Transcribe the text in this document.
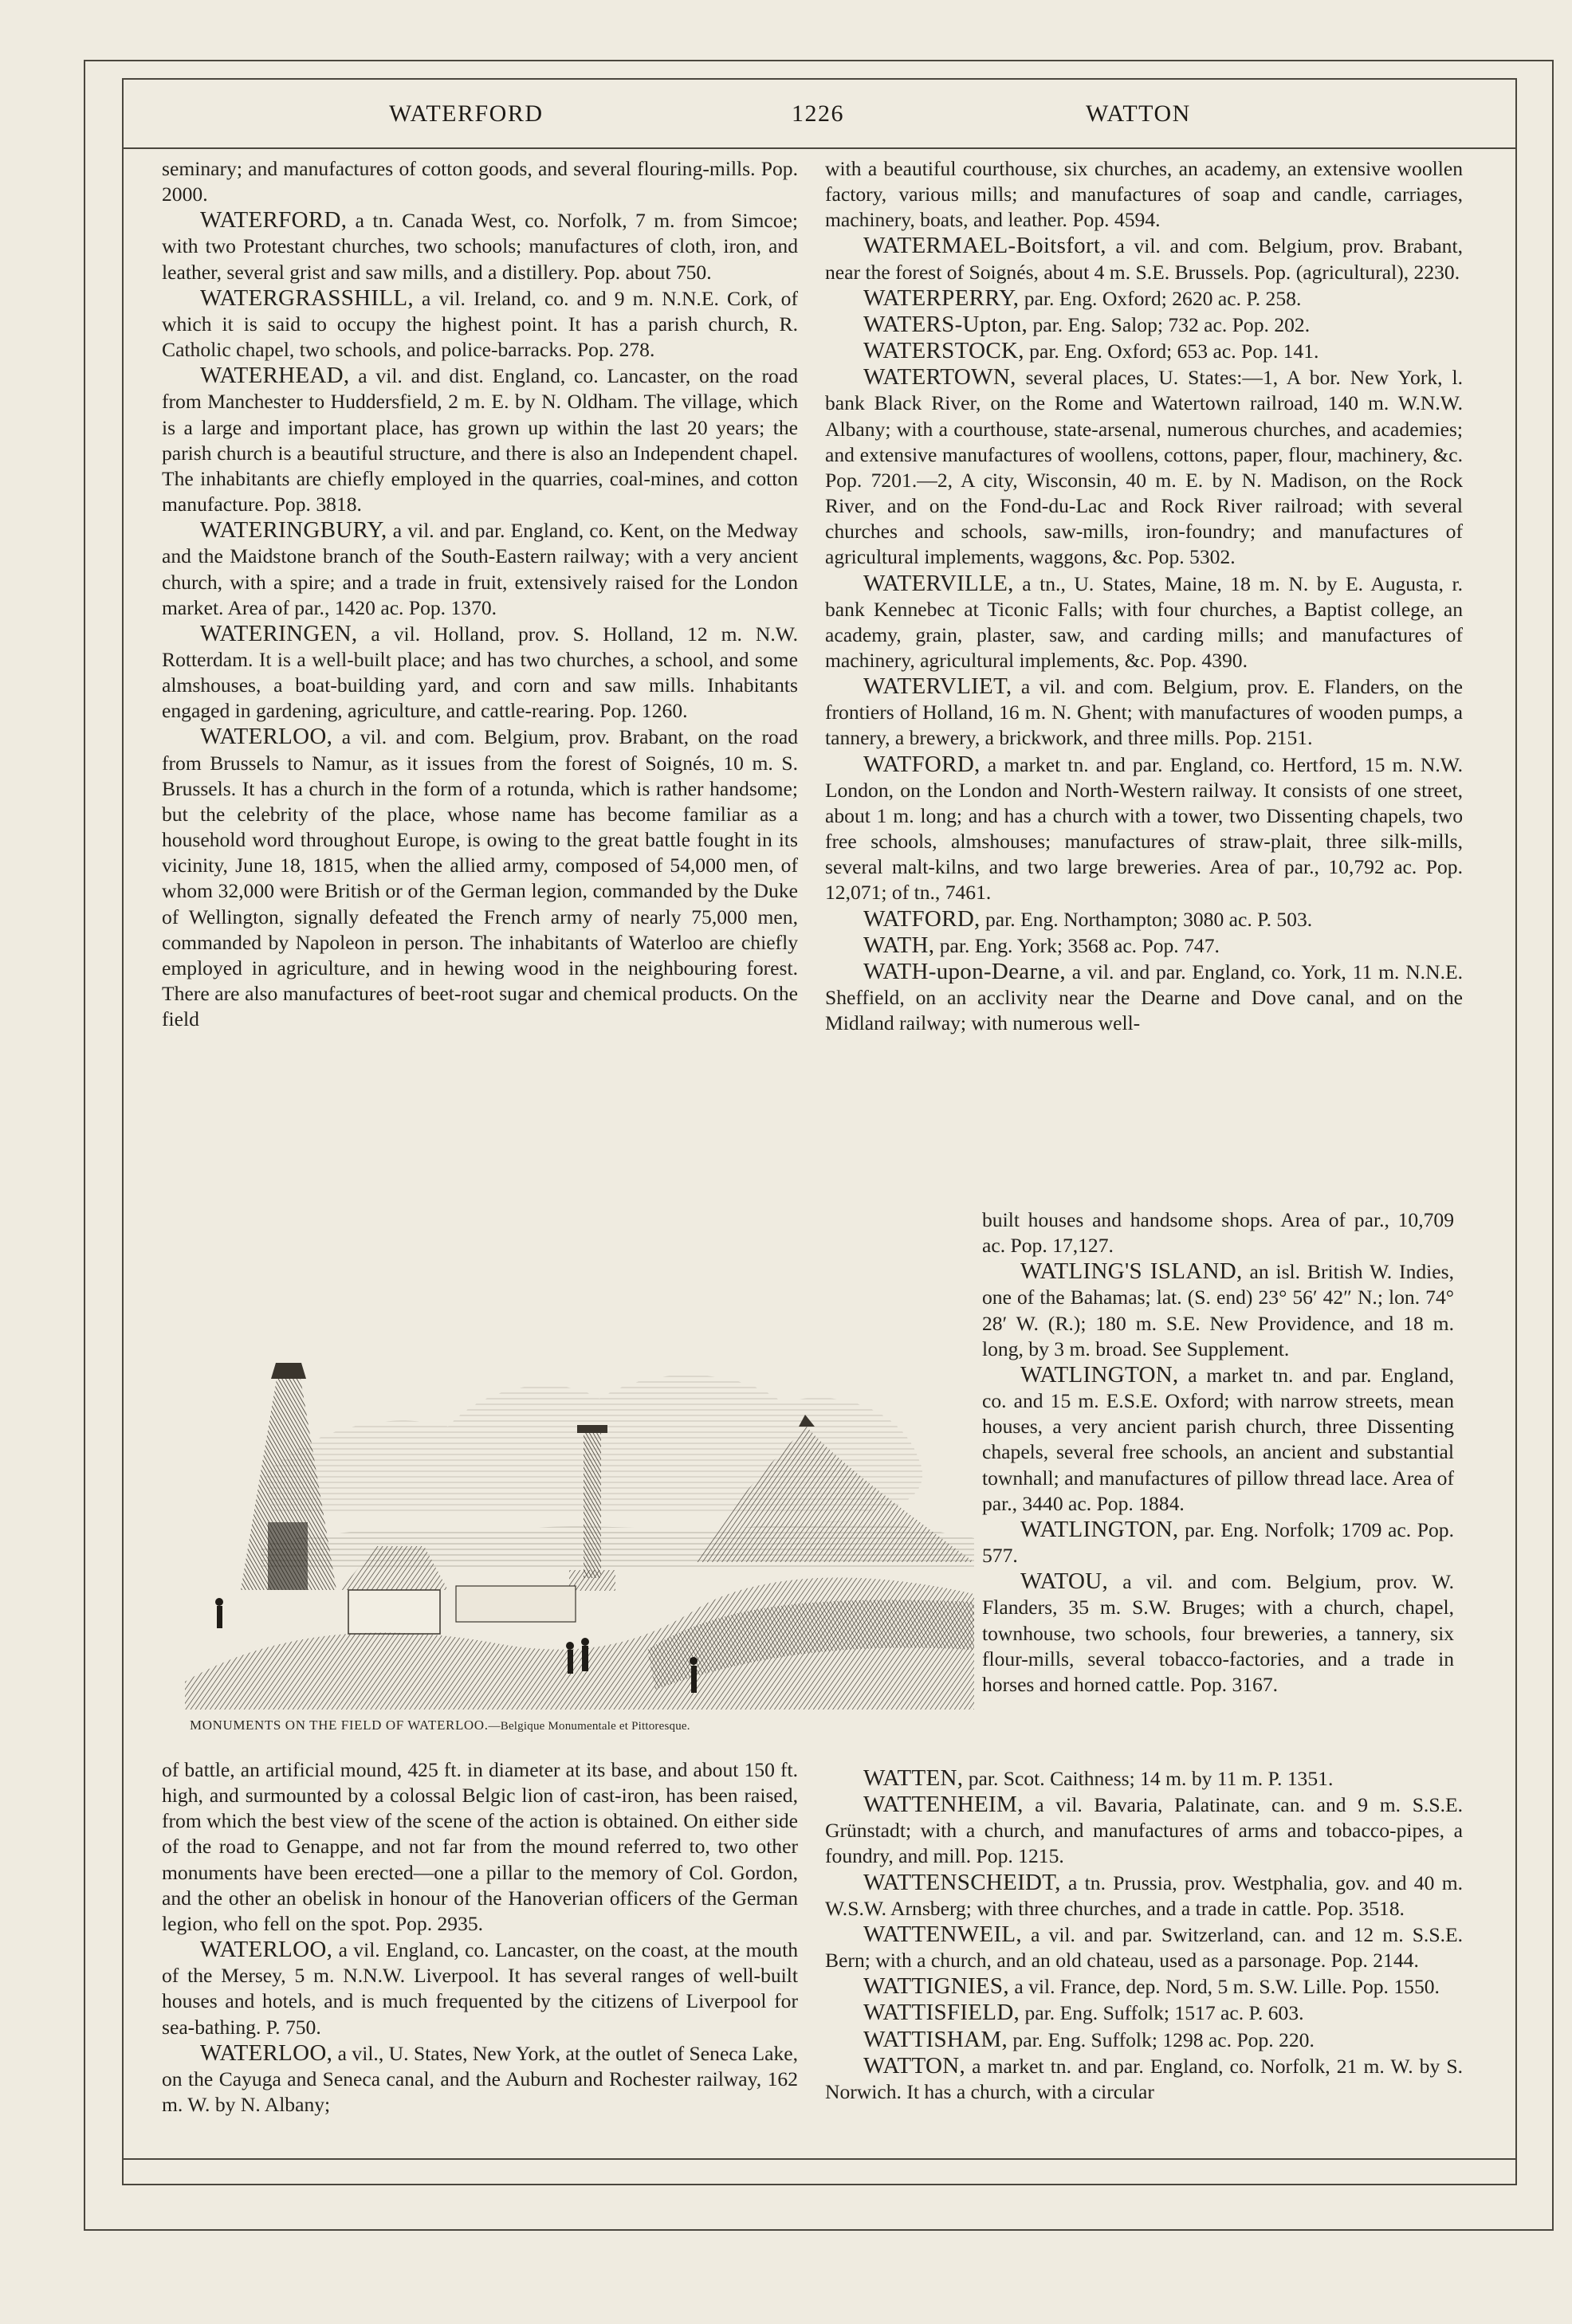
WATERFORD	1226	WATTON

seminary; and manufactures of cotton goods, and several flouring-mills. Pop. 2000.

WATERFORD, a tn. Canada West, co. Norfolk, 7 m. from Simcoe; with two Protestant churches, two schools; manufactures of cloth, iron, and leather, several grist and saw mills, and a distillery. Pop. about 750.

WATERGRASSHILL, a vil. Ireland, co. and 9 m. N.N.E. Cork, of which it is said to occupy the highest point. It has a parish church, R. Catholic chapel, two schools, and police-barracks. Pop. 278.

WATERHEAD, a vil. and dist. England, co. Lancaster, on the road from Manchester to Huddersfield, 2 m. E. by N. Oldham. The village, which is a large and important place, has grown up within the last 20 years; the parish church is a beautiful structure, and there is also an Independent chapel. The inhabitants are chiefly employed in the quarries, coal-mines, and cotton manufacture. Pop. 3818.

WATERINGBURY, a vil. and par. England, co. Kent, on the Medway and the Maidstone branch of the South-Eastern railway; with a very ancient church, with a spire; and a trade in fruit, extensively raised for the London market. Area of par., 1420 ac. Pop. 1370.

WATERINGEN, a vil. Holland, prov. S. Holland, 12 m. N.W. Rotterdam. It is a well-built place; and has two churches, a school, and some almshouses, a boat-building yard, and corn and saw mills. Inhabitants engaged in gardening, agriculture, and cattle-rearing. Pop. 1260.

WATERLOO, a vil. and com. Belgium, prov. Brabant, on the road from Brussels to Namur, as it issues from the forest of Soignés, 10 m. S. Brussels. It has a church in the form of a rotunda, which is rather handsome; but the celebrity of the place, whose name has become familiar as a household word throughout Europe, is owing to the great battle fought in its vicinity, June 18, 1815, when the allied army, composed of 54,000 men, of whom 32,000 were British or of the German legion, commanded by the Duke of Wellington, signally defeated the French army of nearly 75,000 men, commanded by Napoleon in person. The inhabitants of Waterloo are chiefly employed in agriculture, and in hewing wood in the neighbouring forest. There are also manufactures of beet-root sugar and chemical products. On the field

MONUMENTS ON THE FIELD OF WATERLOO.—Belgique Monumentale et Pittoresque.

of battle, an artificial mound, 425 ft. in diameter at its base, and about 150 ft. high, and surmounted by a colossal Belgic lion of cast-iron, has been raised, from which the best view of the scene of the action is obtained. On either side of the road to Genappe, and not far from the mound referred to, two other monuments have been erected—one a pillar to the memory of Col. Gordon, and the other an obelisk in honour of the Hanoverian officers of the German legion, who fell on the spot. Pop. 2935.

WATERLOO, a vil. England, co. Lancaster, on the coast, at the mouth of the Mersey, 5 m. N.N.W. Liverpool. It has several ranges of well-built houses and hotels, and is much frequented by the citizens of Liverpool for sea-bathing. P. 750.

WATERLOO, a vil., U. States, New York, at the outlet of Seneca Lake, on the Cayuga and Seneca canal, and the Auburn and Rochester railway, 162 m. W. by N. Albany;

with a beautiful courthouse, six churches, an academy, an extensive woollen factory, various mills; and manufactures of soap and candle, carriages, machinery, boats, and leather. Pop. 4594.

WATERMAEL-Boitsfort, a vil. and com. Belgium, prov. Brabant, near the forest of Soignés, about 4 m. S.E. Brussels. Pop. (agricultural), 2230.

WATERPERRY, par. Eng. Oxford; 2620 ac. P. 258.

WATERS-Upton, par. Eng. Salop; 732 ac. Pop. 202.

WATERSTOCK, par. Eng. Oxford; 653 ac. Pop. 141.

WATERTOWN, several places, U. States:—1, A bor. New York, l. bank Black River, on the Rome and Watertown railroad, 140 m. W.N.W. Albany; with a courthouse, state-arsenal, numerous churches, and academies; and extensive manufactures of woollens, cottons, paper, flour, machinery, &c. Pop. 7201.—2, A city, Wisconsin, 40 m. E. by N. Madison, on the Rock River, and on the Fond-du-Lac and Rock River railroad; with several churches and schools, saw-mills, iron-foundry; and manufactures of agricultural implements, waggons, &c. Pop. 5302.

WATERVILLE, a tn., U. States, Maine, 18 m. N. by E. Augusta, r. bank Kennebec at Ticonic Falls; with four churches, a Baptist college, an academy, grain, plaster, saw, and carding mills; and manufactures of machinery, agricultural implements, &c. Pop. 4390.

WATERVLIET, a vil. and com. Belgium, prov. E. Flanders, on the frontiers of Holland, 16 m. N. Ghent; with manufactures of wooden pumps, a tannery, a brewery, a brickwork, and three mills. Pop. 2151.

WATFORD, a market tn. and par. England, co. Hertford, 15 m. N.W. London, on the London and North-Western railway. It consists of one street, about 1 m. long; and has a church with a tower, two Dissenting chapels, two free schools, almshouses; manufactures of straw-plait, three silk-mills, several malt-kilns, and two large breweries. Area of par., 10,792 ac. Pop. 12,071; of tn., 7461.

WATFORD, par. Eng. Northampton; 3080 ac. P. 503.

WATH, par. Eng. York; 3568 ac. Pop. 747.

WATH-upon-Dearne, a vil. and par. England, co. York, 11 m. N.N.E. Sheffield, on an acclivity near the Dearne and Dove canal, and on the Midland railway; with numerous well-

built houses and handsome shops. Area of par., 10,709 ac. Pop. 17,127.

WATLING'S ISLAND, an isl. British W. Indies, one of the Bahamas; lat. (S. end) 23° 56′ 42″ N.; lon. 74° 28′ W. (R.); 180 m. S.E. New Providence, and 18 m. long, by 3 m. broad. See Supplement.

WATLINGTON, a market tn. and par. England, co. and 15 m. E.S.E. Oxford; with narrow streets, mean houses, a very ancient parish church, three Dissenting chapels, several free schools, an ancient and substantial townhall; and manufactures of pillow thread lace. Area of par., 3440 ac. Pop. 1884.

WATLINGTON, par. Eng. Norfolk; 1709 ac. Pop. 577.

WATOU, a vil. and com. Belgium, prov. W. Flanders, 35 m. S.W. Bruges; with a church, chapel, townhouse, two schools, four breweries, a tannery, six flour-mills, several tobacco-factories, and a trade in horses and horned cattle. Pop. 3167.

WATTEN, par. Scot. Caithness; 14 m. by 11 m. P. 1351.

WATTENHEIM, a vil. Bavaria, Palatinate, can. and 9 m. S.S.E. Grünstadt; with a church, and manufactures of arms and tobacco-pipes, a foundry, and mill. Pop. 1215.

WATTENSCHEIDT, a tn. Prussia, prov. Westphalia, gov. and 40 m. W.S.W. Arnsberg; with three churches, and a trade in cattle. Pop. 3518.

WATTENWEIL, a vil. and par. Switzerland, can. and 12 m. S.S.E. Bern; with a church, and an old chateau, used as a parsonage. Pop. 2144.

WATTIGNIES, a vil. France, dep. Nord, 5 m. S.W. Lille. Pop. 1550.

WATTISFIELD, par. Eng. Suffolk; 1517 ac. P. 603.

WATTISHAM, par. Eng. Suffolk; 1298 ac. Pop. 220.

WATTON, a market tn. and par. England, co. Norfolk, 21 m. W. by S. Norwich. It has a church, with a circular
